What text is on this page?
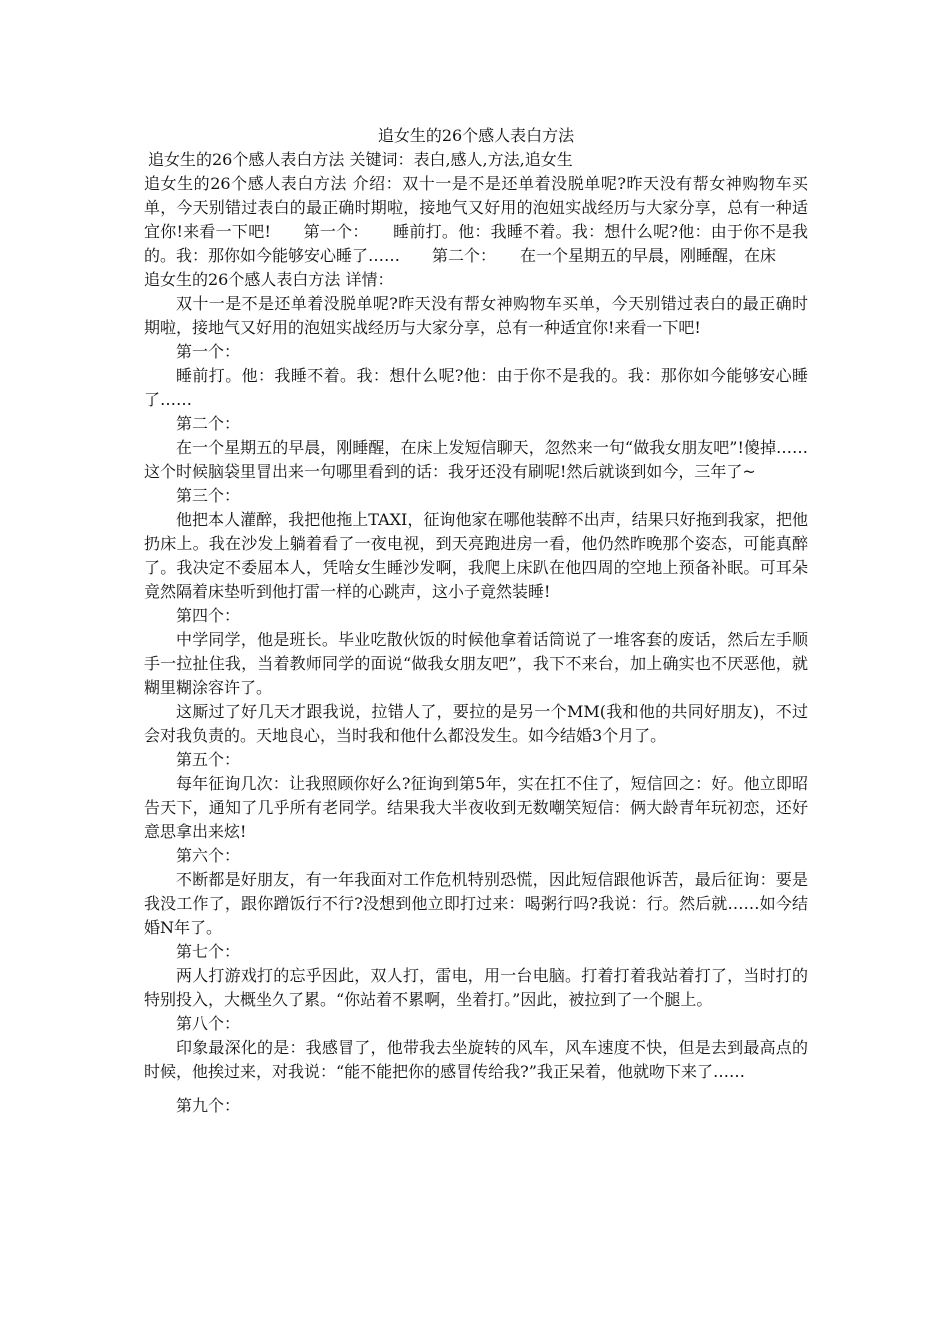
追女生的26个感人表白方法

追女生的26个感人表白方法 关键词：表白,感人,方法,追女生

追女生的26个感人表白方法 介绍：双十一是不是还单着没脱单呢?昨天没有帮女神购物车买单，今天别错过表白的最正确时期啦，接地气又好用的泡妞实战经历与大家分享，总有一种适宜你!来看一下吧!　　第一个：　　睡前打。他：我睡不着。我：想什么呢?他：由于你不是我的。我：那你如今能够安心睡了……　　第二个：　　在一个星期五的早晨，刚睡醒，在床

追女生的26个感人表白方法 详情：

双十一是不是还单着没脱单呢?昨天没有帮女神购物车买单，今天别错过表白的最正确时期啦，接地气又好用的泡妞实战经历与大家分享，总有一种适宜你!来看一下吧!

第一个：

睡前打。他：我睡不着。我：想什么呢?他：由于你不是我的。我：那你如今能够安心睡了……

第二个：

在一个星期五的早晨，刚睡醒，在床上发短信聊天，忽然来一句“做我女朋友吧”!傻掉……这个时候脑袋里冒出来一句哪里看到的话：我牙还没有刷呢!然后就谈到如今，三年了~

第三个：

他把本人灌醉，我把他拖上TAXI，征询他家在哪他装醉不出声，结果只好拖到我家，把他扔床上。我在沙发上躺着看了一夜电视，到天亮跑进房一看，他仍然昨晚那个姿态，可能真醉了。我决定不委屈本人，凭啥女生睡沙发啊，我爬上床趴在他四周的空地上预备补眠。可耳朵竟然隔着床垫听到他打雷一样的心跳声，这小子竟然装睡!

第四个：

中学同学，他是班长。毕业吃散伙饭的时候他拿着话筒说了一堆客套的废话，然后左手顺手一拉扯住我，当着教师同学的面说“做我女朋友吧”，我下不来台，加上确实也不厌恶他，就糊里糊涂容许了。

这厮过了好几天才跟我说，拉错人了，要拉的是另一个MM(我和他的共同好朋友)，不过会对我负责的。天地良心，当时我和他什么都没发生。如今结婚3个月了。

第五个：

每年征询几次：让我照顾你好么?征询到第5年，实在扛不住了，短信回之：好。他立即昭告天下，通知了几乎所有老同学。结果我大半夜收到无数嘲笑短信：俩大龄青年玩初恋，还好意思拿出来炫!

第六个：

不断都是好朋友，有一年我面对工作危机特别恐慌，因此短信跟他诉苦，最后征询：要是我没工作了，跟你蹭饭行不行?没想到他立即打过来：喝粥行吗?我说：行。然后就……如今结婚N年了。

第七个：

两人打游戏打的忘乎因此，双人打，雷电，用一台电脑。打着打着我站着打了，当时打的特别投入，大概坐久了累。“你站着不累啊，坐着打。”因此，被拉到了一个腿上。

第八个：

印象最深化的是：我感冒了，他带我去坐旋转的风车，风车速度不快，但是去到最高点的时候，他挨过来，对我说：“能不能把你的感冒传给我?”我正呆着，他就吻下来了……

第九个：
